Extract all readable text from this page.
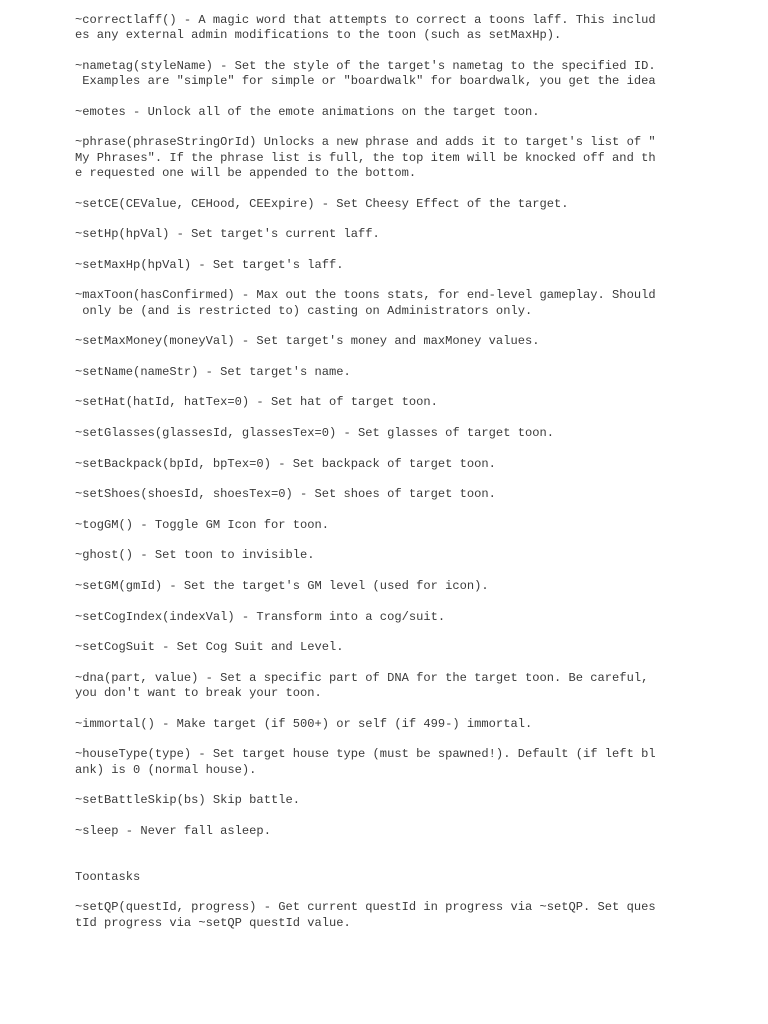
~correctlaff() - A magic word that attempts to correct a toons laff. This includ
es any external admin modifications to the toon (such as setMaxHp).
~nametag(styleName) - Set the style of the target's nametag to the specified ID.
Examples are "simple" for simple or "boardwalk" for boardwalk, you get the idea
~emotes - Unlock all of the emote animations on the target toon.
~phrase(phraseStringOrId) Unlocks a new phrase and adds it to target's list of "
My Phrases". If the phrase list is full, the top item will be knocked off and th
e requested one will be appended to the bottom.
~setCE(CEValue, CEHood, CEExpire) - Set Cheesy Effect of the target.
~setHp(hpVal) - Set target's current laff.
~setMaxHp(hpVal) - Set target's laff.
~maxToon(hasConfirmed) - Max out the toons stats, for end-level gameplay. Should
only be (and is restricted to) casting on Administrators only.
~setMaxMoney(moneyVal) - Set target's money and maxMoney values.
~setName(nameStr) - Set target's name.
~setHat(hatId, hatTex=0) - Set hat of target toon.
~setGlasses(glassesId, glassesTex=0) - Set glasses of target toon.
~setBackpack(bpId, bpTex=0) - Set backpack of target toon.
~setShoes(shoesId, shoesTex=0) - Set shoes of target toon.
~togGM() - Toggle GM Icon for toon.
~ghost() - Set toon to invisible.
~setGM(gmId) - Set the target's GM level (used for icon).
~setCogIndex(indexVal) - Transform into a cog/suit.
~setCogSuit - Set Cog Suit and Level.
~dna(part, value) - Set a specific part of DNA for the target toon. Be careful,
you don't want to break your toon.
~immortal() - Make target (if 500+) or self (if 499-) immortal.
~houseType(type) - Set target house type (must be spawned!). Default (if left bl
ank) is 0 (normal house).
~setBattleSkip(bs) Skip battle.
~sleep - Never fall asleep.
Toontasks
~setQP(questId, progress) - Get current questId in progress via ~setQP. Set ques
tId progress via ~setQP questId value.
